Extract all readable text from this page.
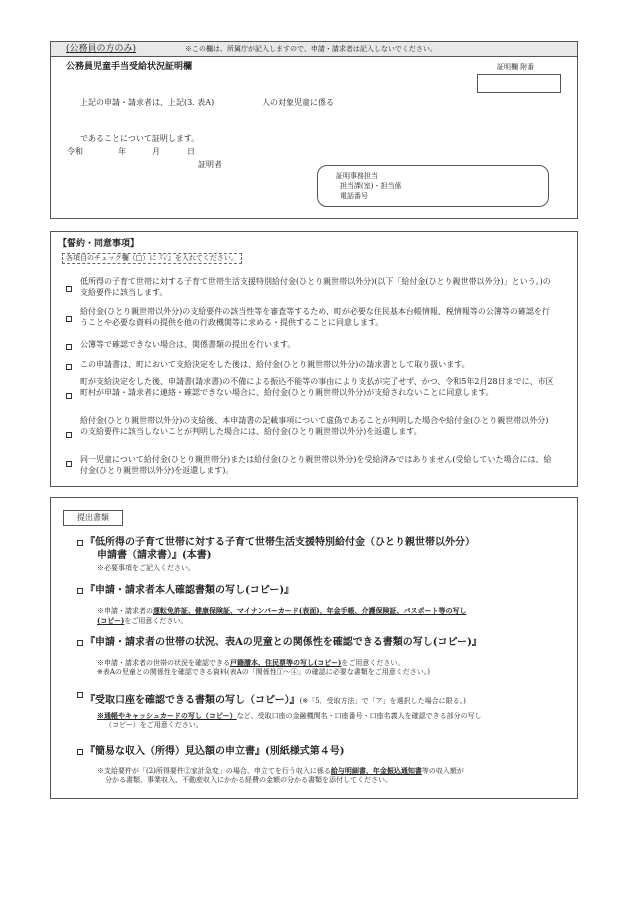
(公務員の方のみ)	※この欄は、所属庁が記入しますので、申請・請求者は記入しないでください。
公務員児童手当受給状況証明欄	証明欄 附番
上記の申請・請求者は、上記(3. 表A)	人の対象児童に係る
であることについて証明します。
令和	年	月	日
証明者
証明事務担当
担当課(室)・担当係
電話番号
【誓約・同意事項】
各項目のチェック欄（□）に『✓』を入れてください。
低所得の子育て世帯に対する子育て世帯生活支援特別給付金(ひとり親世帯以外分)(以下「給付金(ひとり親世帯以外分)」という。)の支給要件に該当します。
給付金(ひとり親世帯以外分)の支給要件の該当性等を審査等するため、町が必要な住民基本台帳情報、税情報等の公簿等の確認を行うことや必要な資料の提供を他の行政機関等に求める・提供することに同意します。
公簿等で確認できない場合は、関係書類の提出を行います。
この申請書は、町において支給決定をした後は、給付金(ひとり親世帯以外分)の請求書として取り扱います。
町が支給決定をした後、申請書(請求書)の不備による振込不能等の事由により支払が完了せず、かつ、令和5年2月28日までに、市区町村が申請・請求者に連絡・確認できない場合に、給付金(ひとり親世帯以外分)が支給されないことに同意します。
給付金(ひとり親世帯以外分)の支給後、本申請書の記載事項について虚偽であることが判明した場合や給付金(ひとり親世帯以外分)の支給要件に該当しないことが判明した場合には、給付金(ひとり親世帯以外分)を返還します。
同一児童について給付金(ひとり親世帯分)または給付金(ひとり親世帯以外分)を受給済みではありません(受給していた場合には、給付金(ひとり親世帯以外分)を返還します)。
提出書類
『低所得の子育て世帯に対する子育て世帯生活支援特別給付金（ひとり親世帯以外分）
申請書（請求書）』(本書)
※必要事項をご記入ください。
『申請・請求者本人確認書類の写し(コピー)』
※申請・請求者の運転免許証、健康保険証、マイナンバーカード(表面)、年金手帳、介護保険証、パスポート等の写し
(コピー)をご用意ください。
『申請・請求者の世帯の状況、表Aの児童との関係性を確認できる書類の写し(コピー)』
※申請・請求者の世帯の状況を確認できる戸籍謄本、住民票等の写し(コピー)をご用意ください。
※表Aの児童との関係性を確認できる資料(表Aの「関係性①～④」の確認に必要な書類をご用意ください。)
『受取口座を確認できる書類の写し（コピー）』(※「5．受取方法」で「ア」を選択した場合に限る。)
※通帳やキャッシュカードの写し（コピー）など、受取口座の金融機関名・口座番号・口座名義人を確認できる部分の写し
（コピー）をご用意ください。
『簡易な収入（所得）見込額の申立書』(別紙様式第４号)
※支給要件が「(2)所得要件②家計急変」の場合、申立てを行う収入に係る給与明細書、年金振込通知書等の収入額が
分かる書類、事業収入、不動産収入にかかる経費の金額の分かる書類を添付してください。
